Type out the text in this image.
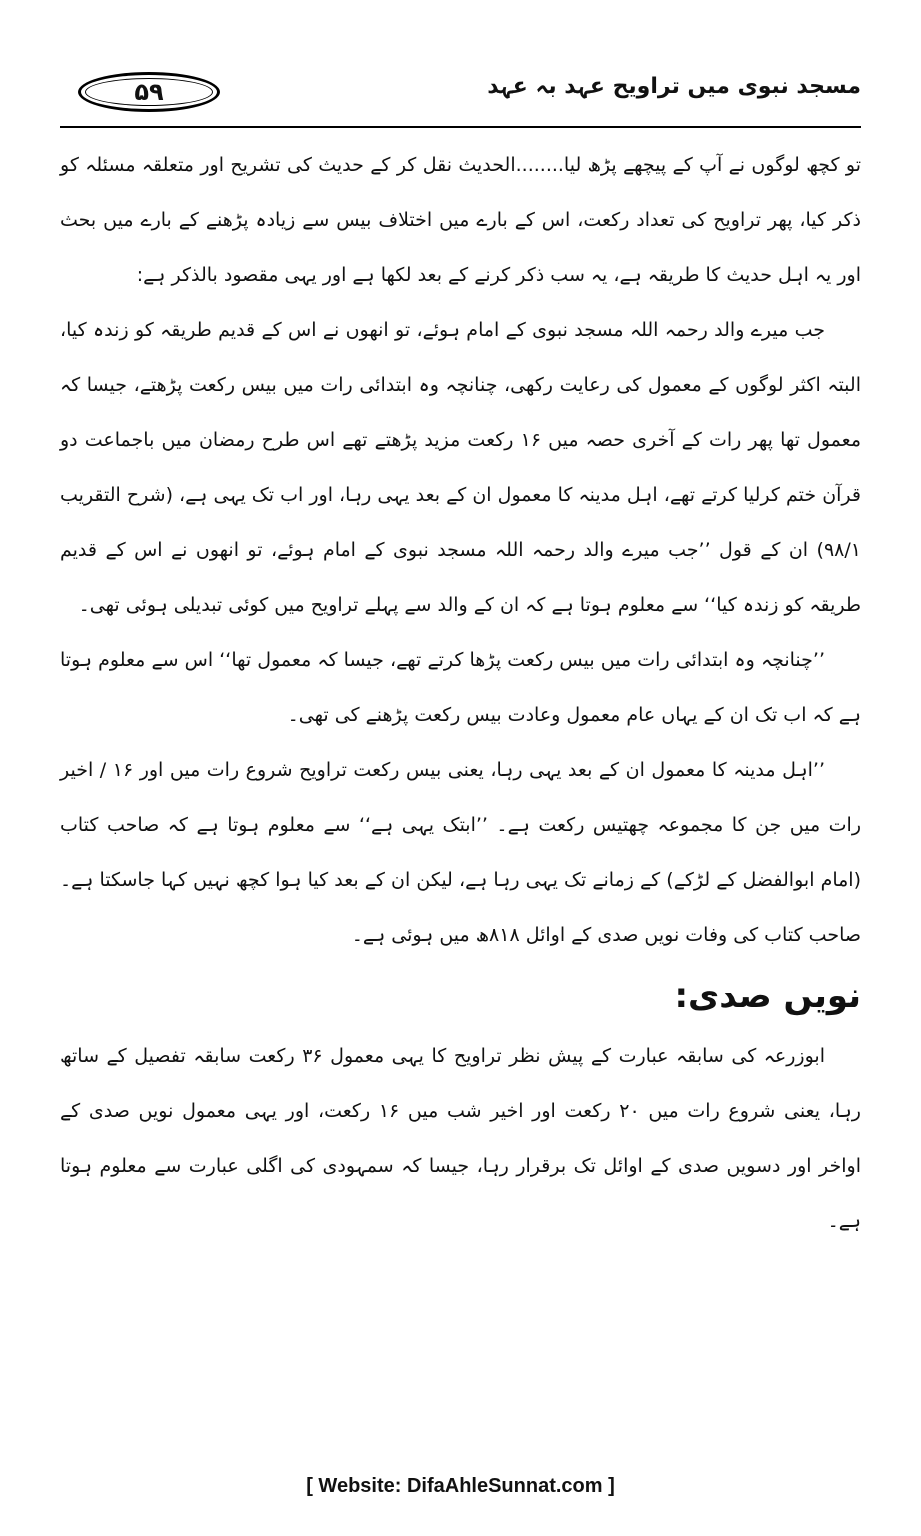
۵۹	مسجد نبوی میں تراویح عہد بہ عہد

تو کچھ لوگوں نے آپ کے پیچھے پڑھ لیا........الحدیث نقل کر کے حدیث کی تشریح اور متعلقہ مسئلہ کو ذکر کیا، پھر تراویح کی تعداد رکعت، اس کے بارے میں اختلاف بیس سے زیادہ پڑھنے کے بارے میں بحث اور یہ اہل حدیث کا طریقہ ہے، یہ سب ذکر کرنے کے بعد لکھا ہے اور یہی مقصود بالذکر ہے:

جب میرے والد رحمہ اللہ مسجد نبوی کے امام ہوئے، تو انھوں نے اس کے قدیم طریقہ کو زندہ کیا، البتہ اکثر لوگوں کے معمول کی رعایت رکھی، چنانچہ وہ ابتدائی رات میں بیس رکعت پڑھتے، جیسا کہ معمول تھا پھر رات کے آخری حصہ میں ۱۶ رکعت مزید پڑھتے تھے اس طرح رمضان میں باجماعت دو قرآن ختم کرلیا کرتے تھے، اہل مدینہ کا معمول ان کے بعد یہی رہا، اور اب تک یہی ہے، (شرح التقریب ۹۸/۱) ان کے قول ’’جب میرے والد رحمہ اللہ مسجد نبوی کے امام ہوئے، تو انھوں نے اس کے قدیم طریقہ کو زندہ کیا‘‘ سے معلوم ہوتا ہے کہ ان کے والد سے پہلے تراویح میں کوئی تبدیلی ہوئی تھی۔

’’چنانچہ وہ ابتدائی رات میں بیس رکعت پڑھا کرتے تھے، جیسا کہ معمول تھا‘‘ اس سے معلوم ہوتا ہے کہ اب تک ان کے یہاں عام معمول وعادت بیس رکعت پڑھنے کی تھی۔

’’اہل مدینہ کا معمول ان کے بعد یہی رہا، یعنی بیس رکعت تراویح شروع رات میں اور ۱۶ / اخیر رات میں جن کا مجموعہ چھتیس رکعت ہے۔ ’’ابتک یہی ہے‘‘ سے معلوم ہوتا ہے کہ صاحب کتاب (امام ابوالفضل کے لڑکے) کے زمانے تک یہی رہا ہے، لیکن ان کے بعد کیا ہوا کچھ نہیں کہا جاسکتا ہے۔ صاحب کتاب کی وفات نویں صدی کے اوائل ۸۱۸ھ میں ہوئی ہے۔

نویں صدی:

ابوزرعہ کی سابقہ عبارت کے پیش نظر تراویح کا یہی معمول ۳۶ رکعت سابقہ تفصیل کے ساتھ رہا، یعنی شروع رات میں ۲۰ رکعت اور اخیر شب میں ۱۶ رکعت، اور یہی معمول نویں صدی کے اواخر اور دسویں صدی کے اوائل تک برقرار رہا، جیسا کہ سمہودی کی اگلی عبارت سے معلوم ہوتا ہے۔

[ Website: DifaAhleSunnat.com ]
